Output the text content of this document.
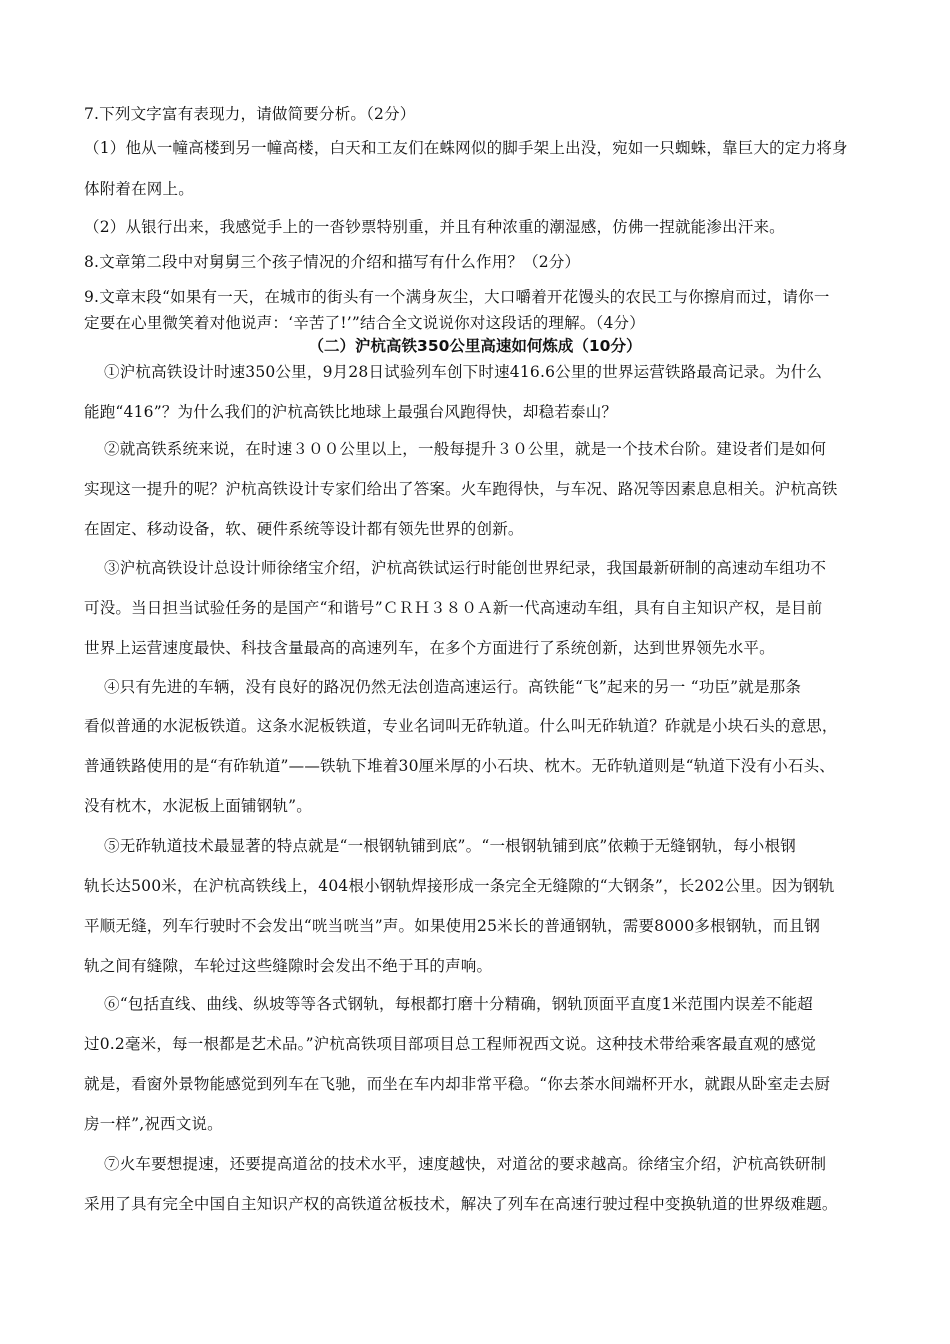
7.下列文字富有表现力，请做简要分析。（2分）
（1）他从一幢高楼到另一幢高楼，白天和工友们在蛛网似的脚手架上出没，宛如一只蜘蛛，靠巨大的定力将身
体附着在网上。
（2）从银行出来，我感觉手上的一沓钞票特别重，并且有种浓重的潮湿感，仿佛一捏就能渗出汗来。
8.文章第二段中对舅舅三个孩子情况的介绍和描写有什么作用？（2分）
9.文章末段“如果有一天，在城市的街头有一个满身灰尘，大口嚼着开花馒头的农民工与你擦肩而过，请你一
定要在心里微笑着对他说声：‘辛苦了!’”结合全文说说你对这段话的理解。（4分）
（二）沪杭高铁350公里高速如何炼成（10分）
①沪杭高铁设计时速350公里，9月28日试验列车创下时速416.6公里的世界运营铁路最高记录。为什么
能跑“416”？为什么我们的沪杭高铁比地球上最强台风跑得快，却稳若泰山？
②就高铁系统来说，在时速３００公里以上，一般每提升３０公里，就是一个技术台阶。建设者们是如何
实现这一提升的呢？沪杭高铁设计专家们给出了答案。火车跑得快，与车况、路况等因素息息相关。沪杭高铁
在固定、移动设备，软、硬件系统等设计都有领先世界的创新。
③沪杭高铁设计总设计师徐绪宝介绍，沪杭高铁试运行时能创世界纪录，我国最新研制的高速动车组功不
可没。当日担当试验任务的是国产“和谐号”ＣＲＨ３８０Ａ新一代高速动车组，具有自主知识产权，是目前
世界上运营速度最快、科技含量最高的高速列车，在多个方面进行了系统创新，达到世界领先水平。
④只有先进的车辆，没有良好的路况仍然无法创造高速运行。高铁能“飞”起来的另一 “功臣”就是那条
看似普通的水泥板铁道。这条水泥板铁道，专业名词叫无砟轨道。什么叫无砟轨道？砟就是小块石头的意思，
普通铁路使用的是“有砟轨道”——铁轨下堆着30厘米厚的小石块、枕木。无砟轨道则是“轨道下没有小石头、
没有枕木，水泥板上面铺钢轨”。
⑤无砟轨道技术最显著的特点就是“一根钢轨铺到底”。“一根钢轨铺到底”依赖于无缝钢轨，每小根钢
轨长达500米，在沪杭高铁线上，404根小钢轨焊接形成一条完全无缝隙的“大钢条”，长202公里。因为钢轨
平顺无缝，列车行驶时不会发出“咣当咣当”声。如果使用25米长的普通钢轨，需要8000多根钢轨，而且钢
轨之间有缝隙，车轮过这些缝隙时会发出不绝于耳的声响。
⑥“包括直线、曲线、纵坡等等各式钢轨，每根都打磨十分精确，钢轨顶面平直度1米范围内误差不能超
过0.2毫米，每一根都是艺术品。”沪杭高铁项目部项目总工程师祝西文说。这种技术带给乘客最直观的感觉
就是，看窗外景物能感觉到列车在飞驰，而坐在车内却非常平稳。“你去茶水间端杯开水，就跟从卧室走去厨
房一样”,祝西文说。
⑦火车要想提速，还要提高道岔的技术水平，速度越快，对道岔的要求越高。徐绪宝介绍，沪杭高铁研制
采用了具有完全中国自主知识产权的高铁道岔板技术，解决了列车在高速行驶过程中变换轨道的世界级难题。
